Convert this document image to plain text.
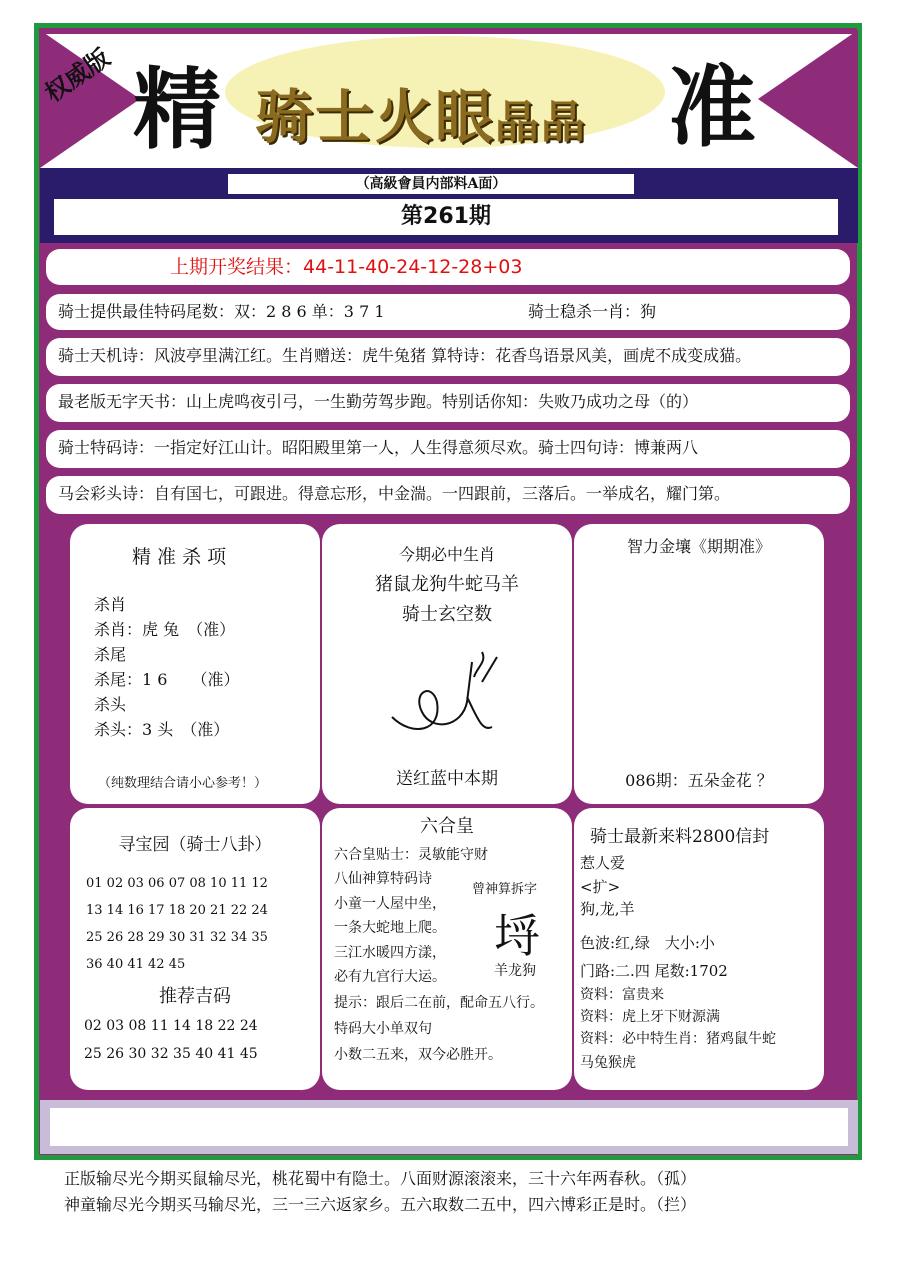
权威版 精 骑士火眼晶晶 准
（高級會員内部料A面）
第261期
上期开奖结果：44-11-40-24-12-28+03
骑士提供最佳特码尾数：双：2 8 6 单：3 7 1	骑士稳杀一肖：狗
骑士天机诗：风波亭里满江红。生肖赠送：虎牛兔猪 算特诗：花香鸟语景风美，画虎不成变成猫。
最老版无字天书：山上虎鸣夜引弓，一生勤劳驾步跑。特别话你知：失败乃成功之母（的）
骑士特码诗：一指定好江山计。昭阳殿里第一人，人生得意须尽欢。骑士四句诗：博兼两八
马会彩头诗：自有国七，可跟进。得意忘形，中金湍。一四跟前，三落后。一举成名，耀门第。
精 准 杀 项
杀肖
杀肖：虎 兔　（准）
杀尾
杀尾：1 6　　（准）
杀头
杀头：3 头　（准）
（纯数理结合请小心参考！）
今期必中生肖
猪鼠龙狗牛蛇马羊
骑士玄空数
送红蓝中本期
智力金壤《期期准》
086期：五朵金花 ？
寻宝园（骑士八卦）
01 02 03 06 07 08 10 11 12
13 14 16 17 18 20 21 22 24
25 26 28 29 30 31 32 34 35
36 40 41 42 45
推荐吉码
02 03 08 11 14 18 22 24
25 26 30 32 35 40 41 45
六合皇
六合皇贴士：灵敏能守财
八仙神算特码诗
小童一人屋中坐，
一条大蛇地上爬。
三江水暖四方漾，
必有九宫行大运。
提示：跟后二在前，配命五八行。
特码大小单双句
小数二五来，双今必胜开。
曾神算拆字
埒
羊龙狗
骑士最新来料2800信封
惹人爱
<扩>
狗,龙,羊
色波:红,绿　大小:小
门路:二.四 尾数:1702
资料：富贵来
资料：虎上牙下财源满
资料：必中特生肖：猪鸡鼠牛蛇
马兔猴虎
正版输尽光今期买鼠输尽光，桃花蜀中有隐士。八面财源滚滚来，三十六年两春秋。（孤）
神童输尽光今期买马输尽光，三一三六返家乡。五六取数二五中，四六博彩正是时。（拦）
